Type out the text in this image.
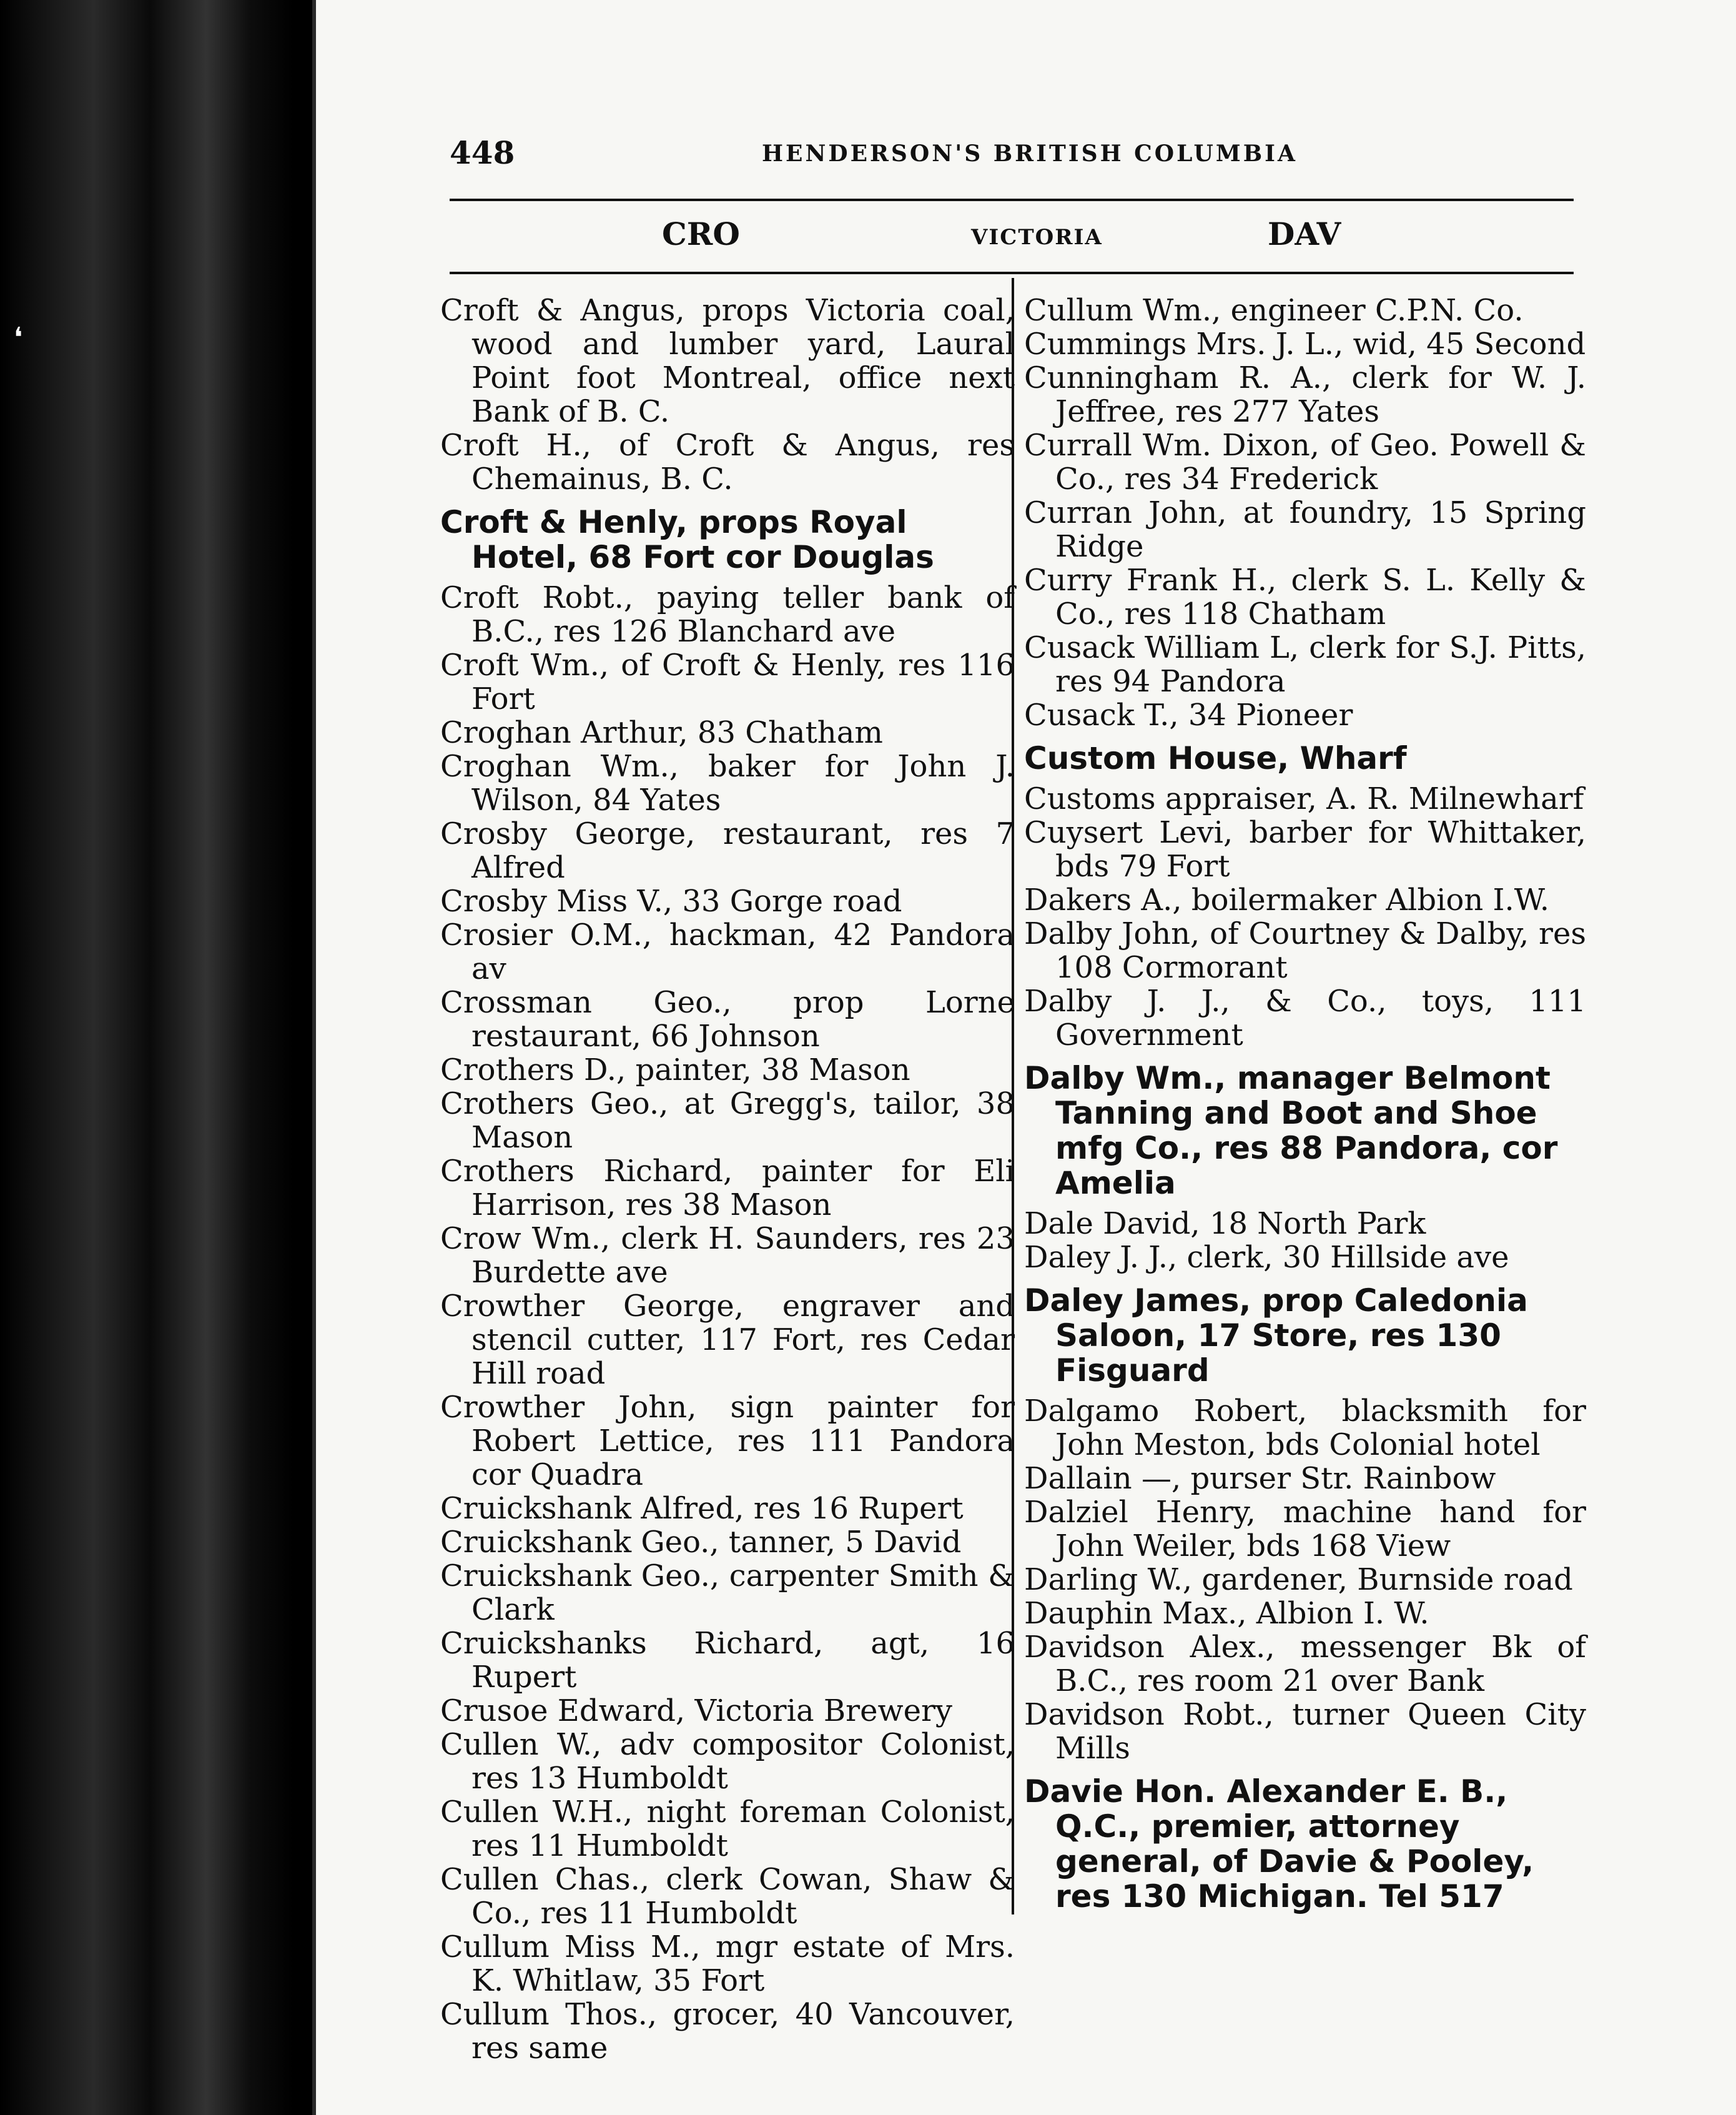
❛
448	HENDERSON'S BRITISH COLUMBIA
CRO	VICTORIA	DAV
Croft & Angus, props Victoria coal, wood and lumber yard, Laural Point foot Montreal, office next Bank of B. C.
Croft H., of Croft & Angus, res Chemainus, B. C.
Croft & Henly, props Royal Hotel, 68 Fort cor Douglas
Croft Robt., paying teller bank of B.C., res 126 Blanchard ave
Croft Wm., of Croft & Henly, res 116 Fort
Croghan Arthur, 83 Chatham
Croghan Wm., baker for John J. Wilson, 84 Yates
Crosby George, restaurant, res 7 Alfred
Crosby Miss V., 33 Gorge road
Crosier O.M., hackman, 42 Pandora av
Crossman Geo., prop Lorne restaurant, 66 Johnson
Crothers D., painter, 38 Mason
Crothers Geo., at Gregg's, tailor, 38 Mason
Crothers Richard, painter for Eli Harrison, res 38 Mason
Crow Wm., clerk H. Saunders, res 23 Burdette ave
Crowther George, engraver and stencil cutter, 117 Fort, res Cedar Hill road
Crowther John, sign painter for Robert Lettice, res 111 Pandora cor Quadra
Cruickshank Alfred, res 16 Rupert
Cruickshank Geo., tanner, 5 David
Cruickshank Geo., carpenter Smith & Clark
Cruickshanks Richard, agt, 16 Rupert
Crusoe Edward, Victoria Brewery
Cullen W., adv compositor Colonist, res 13 Humboldt
Cullen W.H., night foreman Colonist, res 11 Humboldt
Cullen Chas., clerk Cowan, Shaw & Co., res 11 Humboldt
Cullum Miss M., mgr estate of Mrs. K. Whitlaw, 35 Fort
Cullum Thos., grocer, 40 Vancouver, res same
Cullum Wm., engineer C.P.N. Co.
Cummings Mrs. J. L., wid, 45 Second
Cunningham R. A., clerk for W. J. Jeffree, res 277 Yates
Currall Wm. Dixon, of Geo. Powell & Co., res 34 Frederick
Curran John, at foundry, 15 Spring Ridge
Curry Frank H., clerk S. L. Kelly & Co., res 118 Chatham
Cusack William L, clerk for S.J. Pitts, res 94 Pandora
Cusack T., 34 Pioneer
Custom House, Wharf
Customs appraiser, A. R. Milnewharf
Cuysert Levi, barber for Whittaker, bds 79 Fort
Dakers A., boilermaker Albion I.W.
Dalby John, of Courtney & Dalby, res 108 Cormorant
Dalby J. J., & Co., toys, 111 Government
Dalby Wm., manager Belmont Tanning and Boot and Shoe mfg Co., res 88 Pandora, cor Amelia
Dale David, 18 North Park
Daley J. J., clerk, 30 Hillside ave
Daley James, prop Caledonia Saloon, 17 Store, res 130 Fisguard
Dalgamo Robert, blacksmith for John Meston, bds Colonial hotel
Dallain —, purser Str. Rainbow
Dalziel Henry, machine hand for John Weiler, bds 168 View
Darling W., gardener, Burnside road
Dauphin Max., Albion I. W.
Davidson Alex., messenger Bk of B.C., res room 21 over Bank
Davidson Robt., turner Queen City Mills
Davie Hon. Alexander E. B., Q.C., premier, attorney general, of Davie & Pooley, res 130 Michigan. Tel 517
